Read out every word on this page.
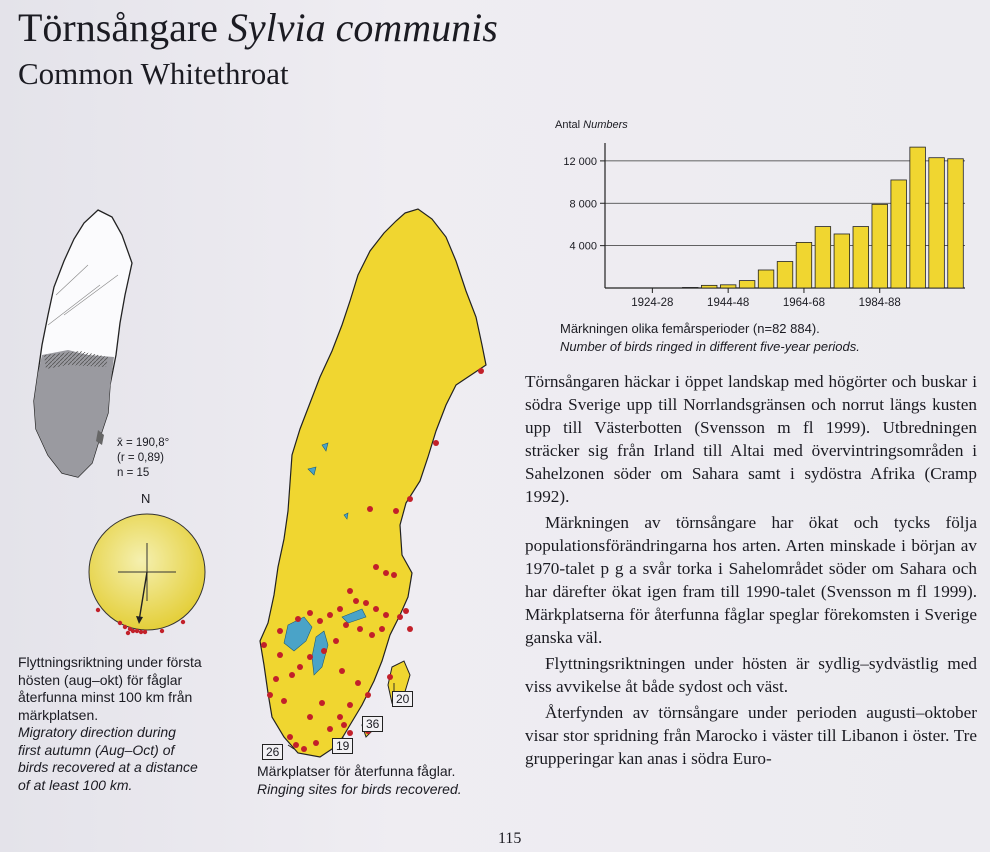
Törnsångare Sylvia communis
Common Whitethroat
x̄ = 190,8°
(r = 0,89)
n = 15
N
Flyttningsriktning under första
hösten (aug–okt) för fåglar
återfunna minst 100 km från
märkplatsen.
Migratory direction during
first autumn (Aug–Oct) of
birds recovered at a distance
of at least 100 km.
20
36
19
26
Märkplatser för återfunna fåglar.
Ringing sites for birds recovered.
Antal Numbers
4 000
8 000
12 000
1924-28	1944-48	1964-68	1984-88
Märkningen olika femårsperioder (n=82 884).
Number of birds ringed in different five-year periods.

Törnsångaren häckar i öppet landskap med högörter och buskar i södra Sverige upp till Norrlandsgränsen och norrut längs kusten upp till Västerbotten (Svensson m fl 1999). Utbredningen sträcker sig från Irland till Altai med övervintringsområden i Sahelzonen söder om Sahara samt i sydöstra Afrika (Cramp 1992).

Märkningen av törnsångare har ökat och tycks följa populationsförändringarna hos arten. Arten minskade i början av 1970-talet p g a svår torka i Sahelområdet söder om Sahara och har därefter ökat igen fram till 1990-talet (Svensson m fl 1999). Märkplatserna för återfunna fåglar speglar förekomsten i Sverige ganska väl.

Flyttningsriktningen under hösten är sydlig–sydvästlig med viss avvikelse åt både sydost och väst.

Återfynden av törnsångare under perioden augusti–oktober visar stor spridning från Marocko i väster till Libanon i öster. Tre grupperingar kan anas i södra Euro-

115
